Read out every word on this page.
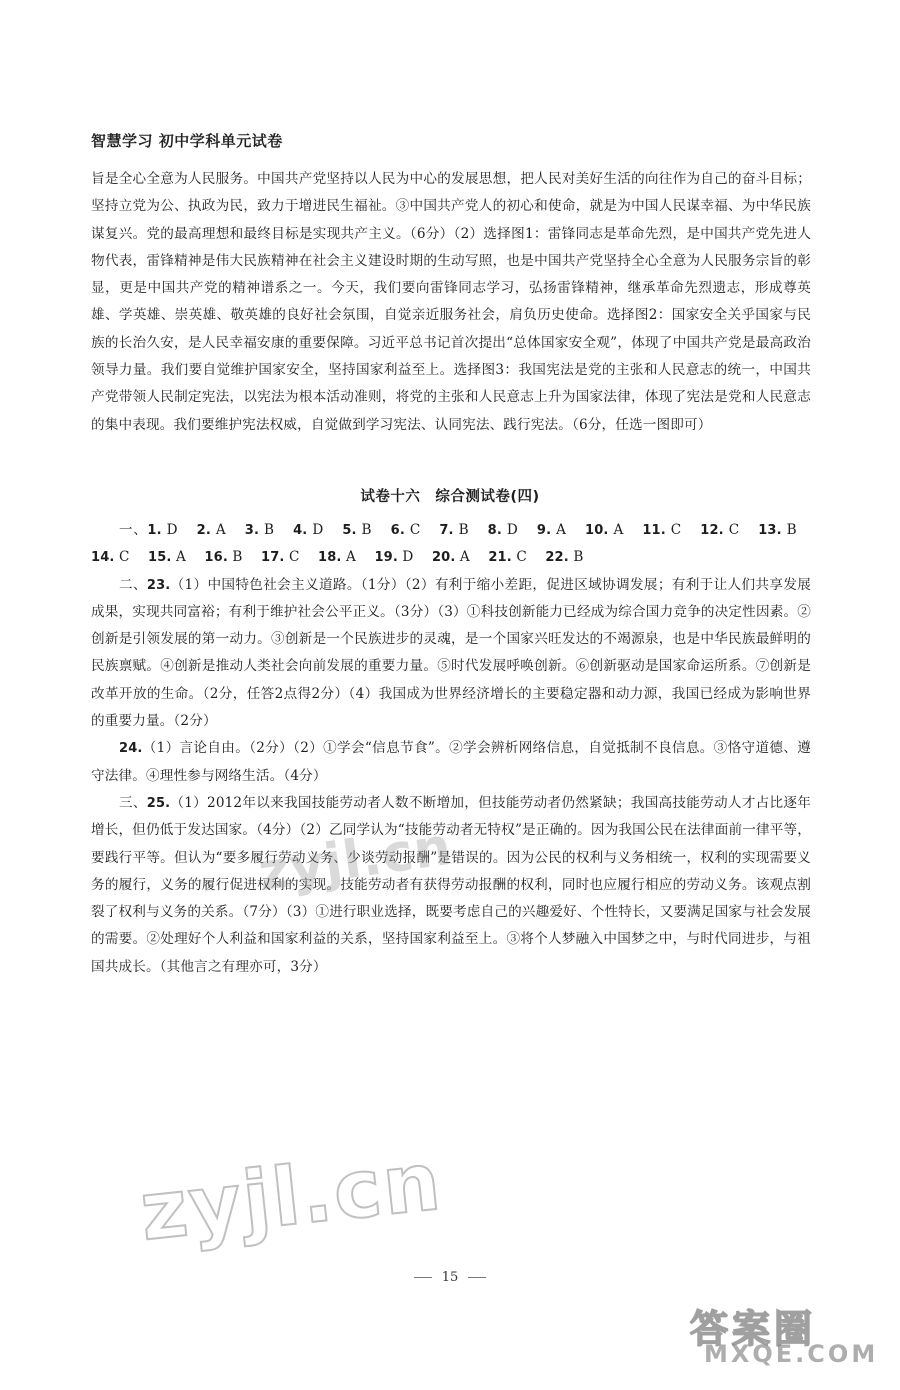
智慧学习 初中学科单元试卷

旨是全心全意为人民服务。中国共产党坚持以人民为中心的发展思想，把人民对美好生活的向往作为自己的奋斗目标；坚持立党为公、执政为民，致力于增进民生福祉。③中国共产党人的初心和使命，就是为中国人民谋幸福、为中华民族谋复兴。党的最高理想和最终目标是实现共产主义。（6分）（2）选择图1：雷锋同志是革命先烈，是中国共产党先进人物代表，雷锋精神是伟大民族精神在社会主义建设时期的生动写照，也是中国共产党坚持全心全意为人民服务宗旨的彰显，更是中国共产党的精神谱系之一。今天，我们要向雷锋同志学习，弘扬雷锋精神，继承革命先烈遗志，形成尊英雄、学英雄、崇英雄、敬英雄的良好社会氛围，自觉亲近服务社会，肩负历史使命。选择图2：国家安全关乎国家与民族的长治久安，是人民幸福安康的重要保障。习近平总书记首次提出“总体国家安全观”，体现了中国共产党是最高政治领导力量。我们要自觉维护国家安全，坚持国家利益至上。选择图3：我国宪法是党的主张和人民意志的统一，中国共产党带领人民制定宪法，以宪法为根本活动准则，将党的主张和人民意志上升为国家法律，体现了宪法是党和人民意志的集中表现。我们要维护宪法权威，自觉做到学习宪法、认同宪法、践行宪法。（6分，任选一图即可）

试卷十六　综合测试卷(四)

一、1. D 2. A 3. B 4. D 5. B 6. C 7. B 8. D 9. A 10. A 11. C 12. C 13. B 14. C 15. A 16. B 17. C 18. A 19. D 20. A 21. C 22. B

二、23.（1）中国特色社会主义道路。（1分）（2）有利于缩小差距，促进区域协调发展；有利于让人们共享发展成果，实现共同富裕；有利于维护社会公平正义。（3分）（3）①科技创新能力已经成为综合国力竞争的决定性因素。②创新是引领发展的第一动力。③创新是一个民族进步的灵魂，是一个国家兴旺发达的不竭源泉，也是中华民族最鲜明的民族禀赋。④创新是推动人类社会向前发展的重要力量。⑤时代发展呼唤创新。⑥创新驱动是国家命运所系。⑦创新是改革开放的生命。（2分，任答2点得2分）（4）我国成为世界经济增长的主要稳定器和动力源，我国已经成为影响世界的重要力量。（2分）

24.（1）言论自由。（2分）（2）①学会“信息节食”。②学会辨析网络信息，自觉抵制不良信息。③恪守道德、遵守法律。④理性参与网络生活。（4分）

三、25.（1）2012年以来我国技能劳动者人数不断增加，但技能劳动者仍然紧缺；我国高技能劳动人才占比逐年增长，但仍低于发达国家。（4分）（2）乙同学认为“技能劳动者无特权”是正确的。因为我国公民在法律面前一律平等，要践行平等。但认为“要多履行劳动义务、少谈劳动报酬”是错误的。因为公民的权利与义务相统一，权利的实现需要义务的履行，义务的履行促进权利的实现。技能劳动者有获得劳动报酬的权利，同时也应履行相应的劳动义务。该观点割裂了权利与义务的关系。（7分）（3）①进行职业选择，既要考虑自己的兴趣爱好、个性特长，又要满足国家与社会发展的需要。②处理好个人利益和国家利益的关系，坚持国家利益至上。③将个人梦融入中国梦之中，与时代同进步，与祖国共成长。（其他言之有理亦可，3分）

zyjl.cn
zyjl.cn
15
答案圈
MXQE.COM
